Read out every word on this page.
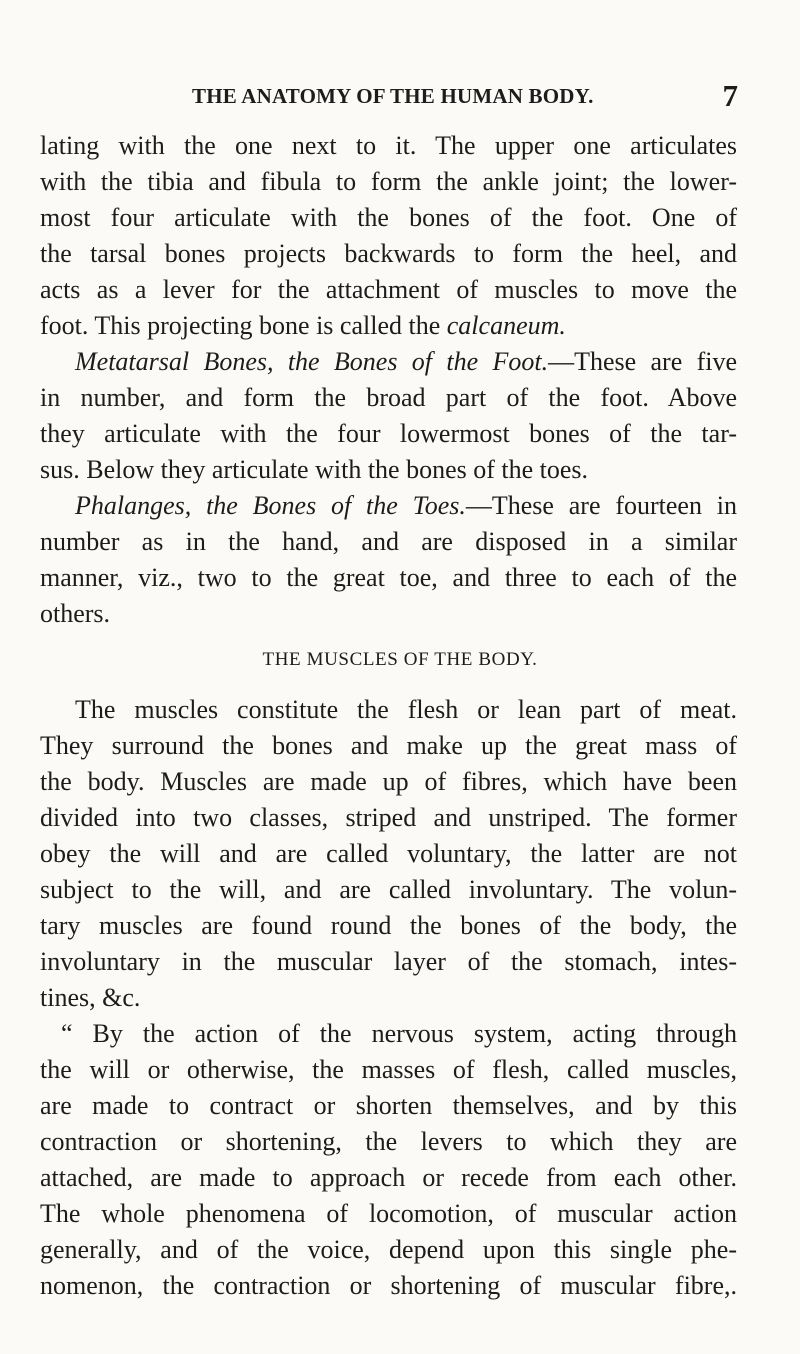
THE ANATOMY OF THE HUMAN BODY.	7
lating with the one next to it. The upper one articulates
with the tibia and fibula to form the ankle joint; the lower-
most four articulate with the bones of the foot. One of
the tarsal bones projects backwards to form the heel, and
acts as a lever for the attachment of muscles to move the
foot. This projecting bone is called the calcaneum.
Metatarsal Bones, the Bones of the Foot.—These are five
in number, and form the broad part of the foot. Above
they articulate with the four lowermost bones of the tar-
sus. Below they articulate with the bones of the toes.
Phalanges, the Bones of the Toes.—These are fourteen in
number as in the hand, and are disposed in a similar
manner, viz., two to the great toe, and three to each of the
others.
THE MUSCLES OF THE BODY.
The muscles constitute the flesh or lean part of meat.
They surround the bones and make up the great mass of
the body. Muscles are made up of fibres, which have been
divided into two classes, striped and unstriped. The former
obey the will and are called voluntary, the latter are not
subject to the will, and are called involuntary. The volun-
tary muscles are found round the bones of the body, the
involuntary in the muscular layer of the stomach, intes-
tines, &c.
“ By the action of the nervous system, acting through
the will or otherwise, the masses of flesh, called muscles,
are made to contract or shorten themselves, and by this
contraction or shortening, the levers to which they are
attached, are made to approach or recede from each other.
The whole phenomena of locomotion, of muscular action
generally, and of the voice, depend upon this single phe-
nomenon, the contraction or shortening of muscular fibre,.
